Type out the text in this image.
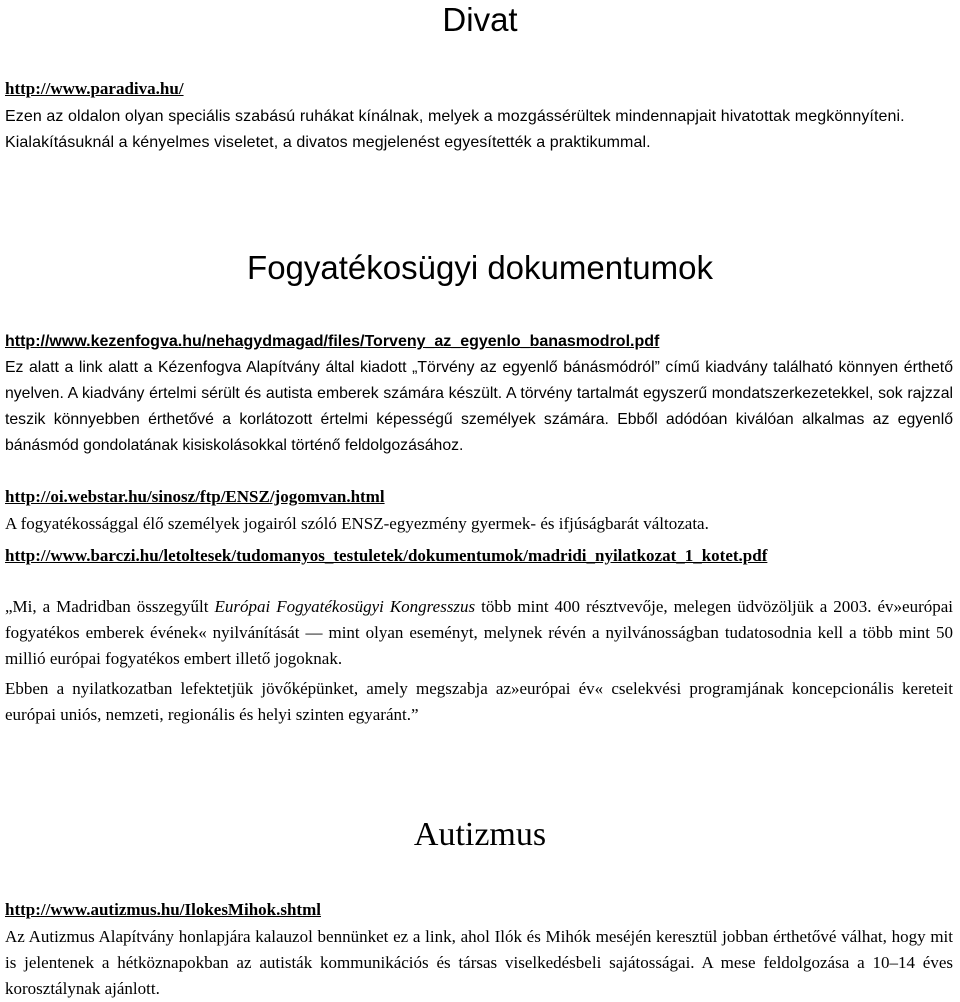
Divat
http://www.paradiva.hu/

Ezen az oldalon olyan speciális szabású ruhákat kínálnak, melyek a mozgássérültek mindennapjait hivatottak megkönnyíteni. Kialakításuknál a kényelmes viseletet, a divatos megjelenést egyesítették a praktikummal.

Fogyatékosügyi dokumentumok
http://www.kezenfogva.hu/nehagydmagad/files/Torveny_az_egyenlo_banasmodrol.pdf

Ez alatt a link alatt a Kézenfogva Alapítvány által kiadott „Törvény az egyenlő bánásmódról” című kiadvány található könnyen érthető nyelven. A kiadvány értelmi sérült és autista emberek számára készült. A törvény tartalmát egyszerű mondatszerkezetekkel, sok rajzzal teszik könnyebben érthetővé a korlátozott értelmi képességű személyek számára. Ebből adódóan kiválóan alkalmas az egyenlő bánásmód gondolatának kisiskolásokkal történő feldolgozásához.

http://oi.webstar.hu/sinosz/ftp/ENSZ/jogomvan.html

A fogyatékossággal élő személyek jogairól szóló ENSZ-egyezmény gyermek- és ifjúságbarát változata.

http://www.barczi.hu/letoltesek/tudomanyos_testuletek/dokumentumok/madridi_nyilatkozat_1_kotet.pdf

„Mi, a Madridban összegyűlt Európai Fogyatékosügyi Kongresszus több mint 400 résztvevője, melegen üdvözöljük a 2003. év»európai fogyatékos emberek évének« nyilvánítását — mint olyan eseményt, melynek révén a nyilvánosságban tudatosodnia kell a több mint 50 millió európai fogyatékos embert illető jogoknak.

Ebben a nyilatkozatban lefektetjük jövőképünket, amely megszabja az»európai év« cselekvési programjának koncepcionális kereteit európai uniós, nemzeti, regionális és helyi szinten egyaránt.”

Autizmus
http://www.autizmus.hu/IlokesMihok.shtml

Az Autizmus Alapítvány honlapjára kalauzol bennünket ez a link, ahol Ilók és Mihók meséjén keresztül jobban érthetővé válhat, hogy mit is jelentenek a hétköznapokban az autisták kommunikációs és társas viselkedésbeli sajátosságai. A mese feldolgozása a 10–14 éves korosztálynak ajánlott.
